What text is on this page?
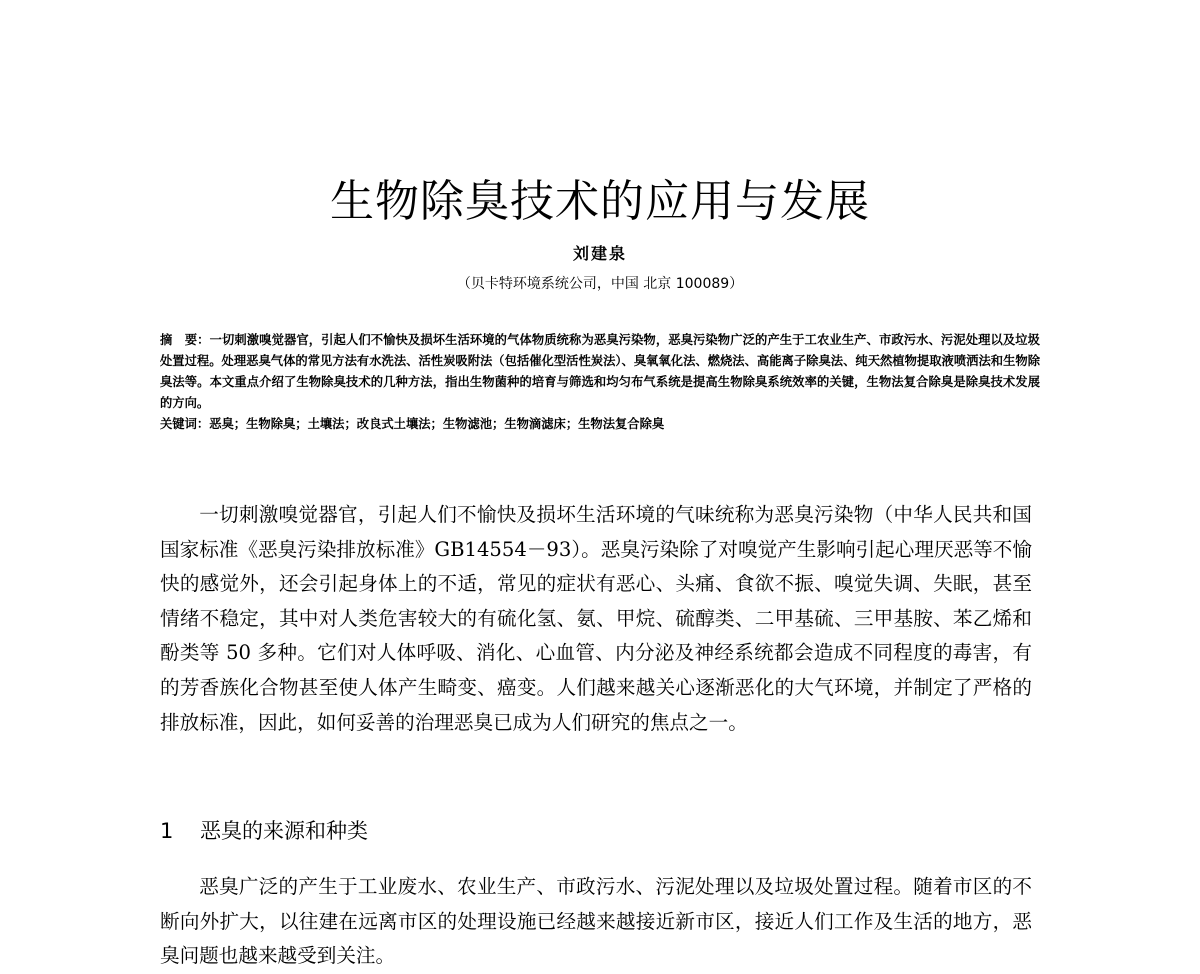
生物除臭技术的应用与发展
刘建泉
（贝卡特环境系统公司，中国 北京 100089）

摘　要：一切刺激嗅觉器官，引起人们不愉快及损坏生活环境的气体物质统称为恶臭污染物，恶臭污染物广泛的产生于工农业生产、市政污水、污泥处理以及垃圾处置过程。处理恶臭气体的常见方法有水洗法、活性炭吸附法（包括催化型活性炭法）、臭氧氧化法、燃烧法、高能离子除臭法、纯天然植物提取液喷洒法和生物除臭法等。本文重点介绍了生物除臭技术的几种方法，指出生物菌种的培育与筛选和均匀布气系统是提高生物除臭系统效率的关键，生物法复合除臭是除臭技术发展的方向。

关键词：恶臭；生物除臭；土壤法；改良式土壤法；生物滤池；生物滴滤床；生物法复合除臭

一切刺激嗅觉器官，引起人们不愉快及损坏生活环境的气味统称为恶臭污染物（中华人民共和国国家标准《恶臭污染排放标准》GB14554－93）。恶臭污染除了对嗅觉产生影响引起心理厌恶等不愉快的感觉外，还会引起身体上的不适，常见的症状有恶心、头痛、食欲不振、嗅觉失调、失眠，甚至情绪不稳定，其中对人类危害较大的有硫化氢、氨、甲烷、硫醇类、二甲基硫、三甲基胺、苯乙烯和酚类等 50 多种。它们对人体呼吸、消化、心血管、内分泌及神经系统都会造成不同程度的毒害，有的芳香族化合物甚至使人体产生畸变、癌变。人们越来越关心逐渐恶化的大气环境，并制定了严格的排放标准，因此，如何妥善的治理恶臭已成为人们研究的焦点之一。

1 恶臭的来源和种类

恶臭广泛的产生于工业废水、农业生产、市政污水、污泥处理以及垃圾处置过程。随着市区的不断向外扩大，以往建在远离市区的处理设施已经越来越接近新市区，接近人们工作及生活的地方，恶臭问题也越来越受到关注。
